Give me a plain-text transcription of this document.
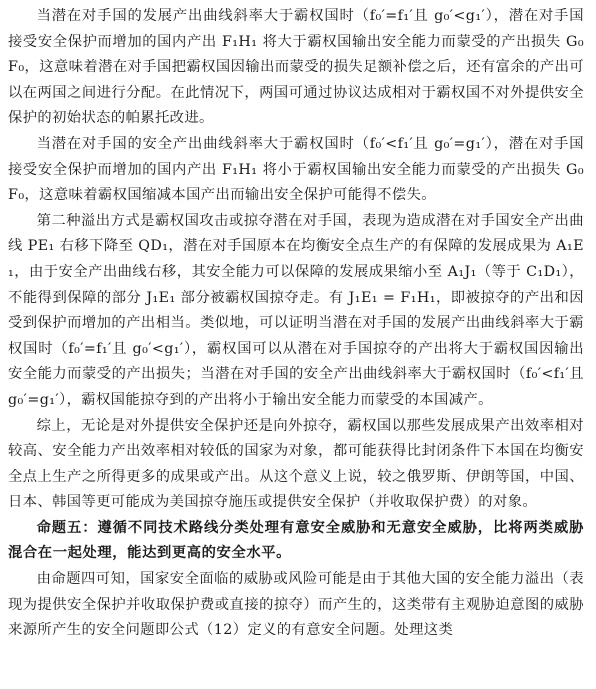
当潜在对手国的发展产出曲线斜率大于霸权国时（f₀′=f₁′且 g₀′<g₁′），潜在对手国接受安全保护而增加的国内产出 F₁H₁ 将大于霸权国输出安全能力而蒙受的产出损失 G₀F₀，这意味着潜在对手国把霸权国因输出而蒙受的损失足额补偿之后，还有富余的产出可以在两国之间进行分配。在此情况下，两国可通过协议达成相对于霸权国不对外提供安全保护的初始状态的帕累托改进。

当潜在对手国的安全产出曲线斜率大于霸权国时（f₀′<f₁′且 g₀′=g₁′），潜在对手国接受安全保护而增加的国内产出 F₁H₁ 将小于霸权国输出安全能力而蒙受的产出损失 G₀F₀，这意味着霸权国缩减本国产出而输出安全保护可能得不偿失。

第二种溢出方式是霸权国攻击或掠夺潜在对手国，表现为造成潜在对手国安全产出曲线 PE₁ 右移下降至 QD₁，潜在对手国原本在均衡安全点生产的有保障的发展成果为 A₁E₁，由于安全产出曲线右移，其安全能力可以保障的发展成果缩小至 A₁J₁（等于 C₁D₁），不能得到保障的部分 J₁E₁ 部分被霸权国掠夺走。有 J₁E₁ = F₁H₁，即被掠夺的产出和因受到保护而增加的产出相当。类似地，可以证明当潜在对手国的发展产出曲线斜率大于霸权国时（f₀′=f₁′且 g₀′<g₁′），霸权国可以从潜在对手国掠夺的产出将大于霸权国因输出安全能力而蒙受的产出损失；当潜在对手国的安全产出曲线斜率大于霸权国时（f₀′<f₁′且 g₀′=g₁′），霸权国能掠夺到的产出将小于输出安全能力而蒙受的本国减产。

综上，无论是对外提供安全保护还是向外掠夺，霸权国以那些发展成果产出效率相对较高、安全能力产出效率相对较低的国家为对象，都可能获得比封闭条件下本国在均衡安全点上生产之所得更多的成果或产出。从这个意义上说，较之俄罗斯、伊朗等国，中国、日本、韩国等更可能成为美国掠夺施压或提供安全保护（并收取保护费）的对象。

命题五：遵循不同技术路线分类处理有意安全威胁和无意安全威胁，比将两类威胁混合在一起处理，能达到更高的安全水平。

由命题四可知，国家安全面临的威胁或风险可能是由于其他大国的安全能力溢出（表现为提供安全保护并收取保护费或直接的掠夺）而产生的，这类带有主观胁迫意图的威胁来源所产生的安全问题即公式（12）定义的有意安全问题。处理这类
